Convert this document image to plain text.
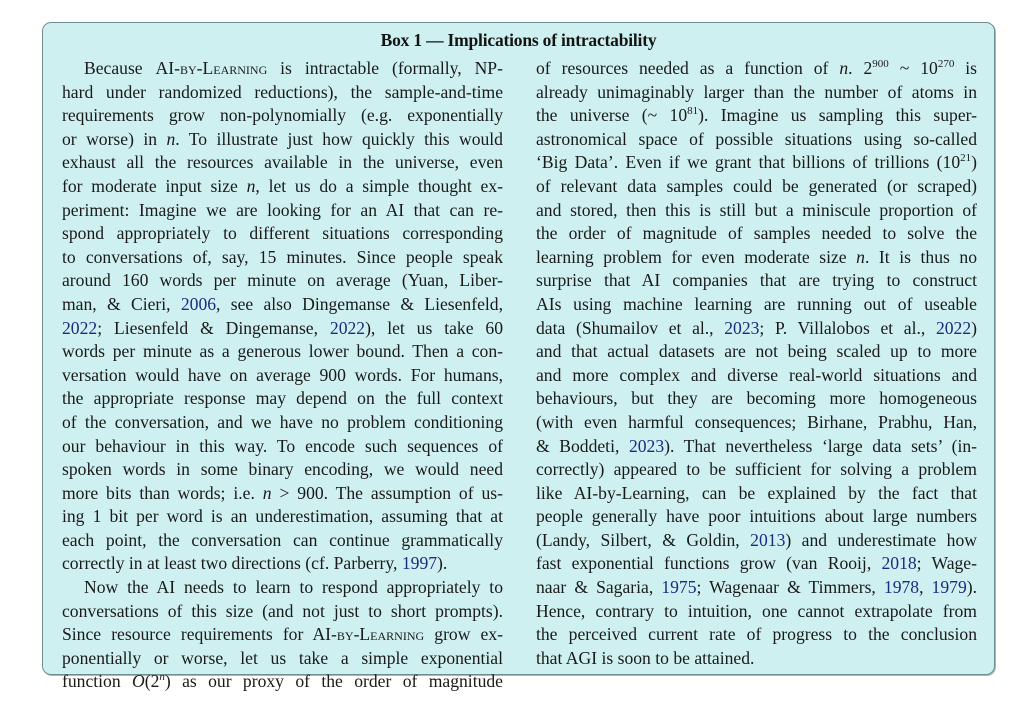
Box 1 — Implications of intractability
Because AI-by-Learning is intractable (formally, NP-
hard under randomized reductions), the sample-and-time
requirements grow non-polynomially (e.g. exponentially
or worse) in n. To illustrate just how quickly this would
exhaust all the resources available in the universe, even
for moderate input size n, let us do a simple thought ex-
periment: Imagine we are looking for an AI that can re-
spond appropriately to different situations corresponding
to conversations of, say, 15 minutes. Since people speak
around 160 words per minute on average (Yuan, Liber-
man, & Cieri, 2006, see also Dingemanse & Liesenfeld,
2022; Liesenfeld & Dingemanse, 2022), let us take 60
words per minute as a generous lower bound. Then a con-
versation would have on average 900 words. For humans,
the appropriate response may depend on the full context
of the conversation, and we have no problem conditioning
our behaviour in this way. To encode such sequences of
spoken words in some binary encoding, we would need
more bits than words; i.e. n > 900. The assumption of us-
ing 1 bit per word is an underestimation, assuming that at
each point, the conversation can continue grammatically
correctly in at least two directions (cf. Parberry, 1997).
Now the AI needs to learn to respond appropriately to
conversations of this size (and not just to short prompts).
Since resource requirements for AI-by-Learning grow ex-
ponentially or worse, let us take a simple exponential
function O(2$^n$) as our proxy of the order of magnitude
of resources needed as a function of n. $2^{900}$ ~ $10^{270}$ is
already unimaginably larger than the number of atoms in
the universe (~ $10^{81}$). Imagine us sampling this super-
astronomical space of possible situations using so-called
‘Big Data’. Even if we grant that billions of trillions $(10^{21})$
of relevant data samples could be generated (or scraped)
and stored, then this is still but a miniscule proportion of
the order of magnitude of samples needed to solve the
learning problem for even moderate size n. It is thus no
surprise that AI companies that are trying to construct
AIs using machine learning are running out of useable
data (Shumailov et al., 2023; P. Villalobos et al., 2022)
and that actual datasets are not being scaled up to more
and more complex and diverse real-world situations and
behaviours, but they are becoming more homogeneous
(with even harmful consequences; Birhane, Prabhu, Han,
& Boddeti, 2023). That nevertheless ‘large data sets’ (in-
correctly) appeared to be sufficient for solving a problem
like AI-by-Learning, can be explained by the fact that
people generally have poor intuitions about large numbers
(Landy, Silbert, & Goldin, 2013) and underestimate how
fast exponential functions grow (van Rooij, 2018; Wage-
naar & Sagaria, 1975; Wagenaar & Timmers, 1978, 1979).
Hence, contrary to intuition, one cannot extrapolate from
the perceived current rate of progress to the conclusion
that AGI is soon to be attained.
